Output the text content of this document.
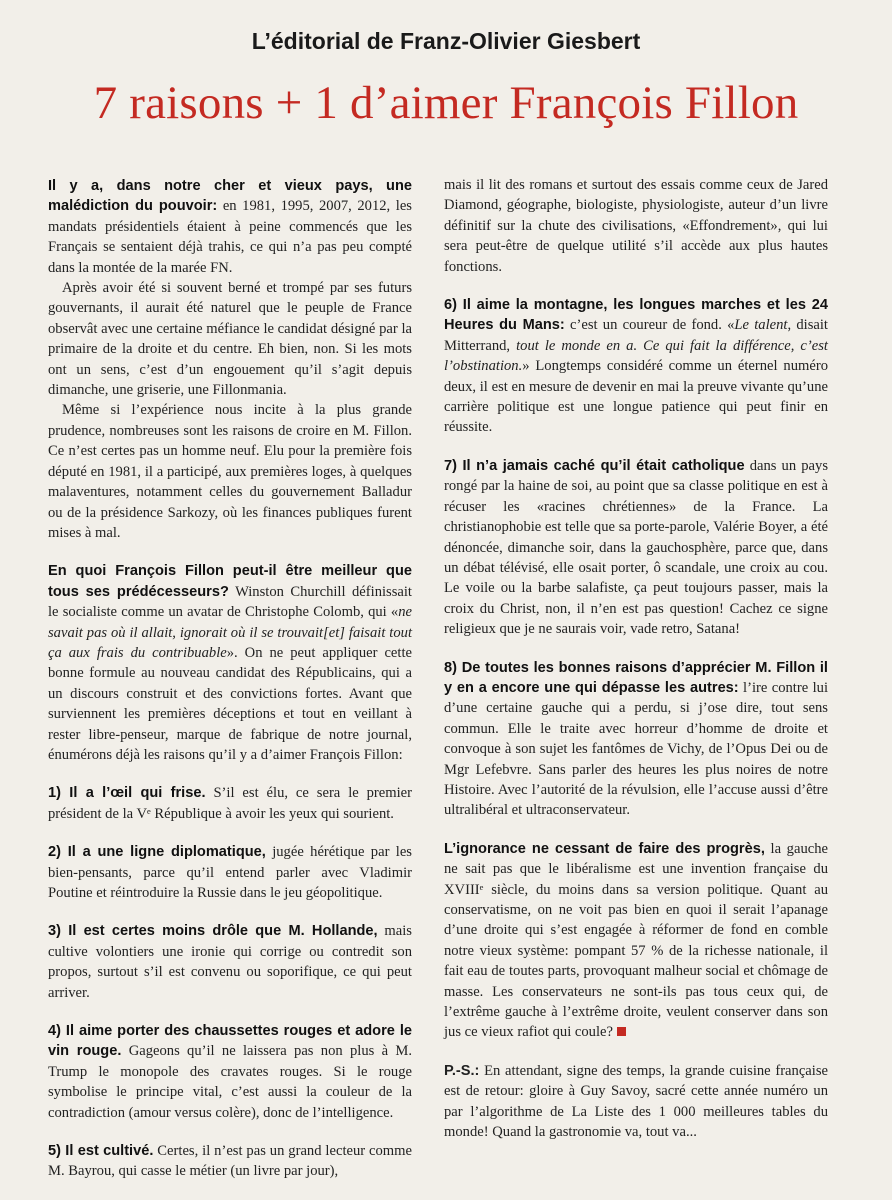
L’éditorial de Franz-Olivier Giesbert
7 raisons + 1 d’aimer François Fillon

Il y a, dans notre cher et vieux pays, une malédiction du pouvoir: en 1981, 1995, 2007, 2012, les mandats présidentiels étaient à peine commencés que les Français se sentaient déjà trahis, ce qui n’a pas peu compté dans la montée de la marée FN.

Après avoir été si souvent berné et trompé par ses futurs gouvernants, il aurait été naturel que le peuple de France observât avec une certaine méfiance le candidat désigné par la primaire de la droite et du centre. Eh bien, non. Si les mots ont un sens, c’est d’un engouement qu’il s’agit depuis dimanche, une griserie, une Fillonmania.

Même si l’expérience nous incite à la plus grande prudence, nombreuses sont les raisons de croire en M. Fillon. Ce n’est certes pas un homme neuf. Elu pour la première fois député en 1981, il a participé, aux premières loges, à quelques malaventures, notamment celles du gouvernement Balladur ou de la présidence Sarkozy, où les finances publiques furent mises à mal.

En quoi François Fillon peut-il être meilleur que tous ses prédécesseurs? Winston Churchill définissait le socialiste comme un avatar de Christophe Colomb, qui «ne savait pas où il allait, ignorait où il se trouvait[et] faisait tout ça aux frais du contribuable». On ne peut appliquer cette bonne formule au nouveau candidat des Républicains, qui a un discours construit et des convictions fortes. Avant que surviennent les premières déceptions et tout en veillant à rester libre-penseur, marque de fabrique de notre journal, énumérons déjà les raisons qu’il y a d’aimer François Fillon:

1) Il a l’œil qui frise. S’il est élu, ce sera le premier président de la Vᵉ République à avoir les yeux qui sourient.

2) Il a une ligne diplomatique, jugée hérétique par les bien-pensants, parce qu’il entend parler avec Vladimir Poutine et réintroduire la Russie dans le jeu géopolitique.

3) Il est certes moins drôle que M. Hollande, mais cultive volontiers une ironie qui corrige ou contredit son propos, surtout s’il est convenu ou soporifique, ce qui peut arriver.

4) Il aime porter des chaussettes rouges et adore le vin rouge. Gageons qu’il ne laissera pas non plus à M. Trump le monopole des cravates rouges. Si le rouge symbolise le principe vital, c’est aussi la couleur de la contradiction (amour versus colère), donc de l’intelligence.

5) Il est cultivé. Certes, il n’est pas un grand lecteur comme M. Bayrou, qui casse le métier (un livre par jour),

mais il lit des romans et surtout des essais comme ceux de Jared Diamond, géographe, biologiste, physiologiste, auteur d’un livre définitif sur la chute des civilisations, «Effondrement», qui lui sera peut-être de quelque utilité s’il accède aux plus hautes fonctions.

6) Il aime la montagne, les longues marches et les 24 Heures du Mans: c’est un coureur de fond. «Le talent, disait Mitterrand, tout le monde en a. Ce qui fait la différence, c’est l’obstination.» Longtemps considéré comme un éternel numéro deux, il est en mesure de devenir en mai la preuve vivante qu’une carrière politique est une longue patience qui peut finir en réussite.

7) Il n’a jamais caché qu’il était catholique dans un pays rongé par la haine de soi, au point que sa classe politique en est à récuser les «racines chrétiennes» de la France. La christianophobie est telle que sa porte-parole, Valérie Boyer, a été dénoncée, dimanche soir, dans la gauchosphère, parce que, dans un débat télévisé, elle osait porter, ô scandale, une croix au cou. Le voile ou la barbe salafiste, ça peut toujours passer, mais la croix du Christ, non, il n’en est pas question! Cachez ce signe religieux que je ne saurais voir, vade retro, Satana!

8) De toutes les bonnes raisons d’apprécier M. Fillon il y en a encore une qui dépasse les autres: l’ire contre lui d’une certaine gauche qui a perdu, si j’ose dire, tout sens commun. Elle le traite avec horreur d’homme de droite et convoque à son sujet les fantômes de Vichy, de l’Opus Dei ou de Mgr Lefebvre. Sans parler des heures les plus noires de notre Histoire. Avec l’autorité de la révulsion, elle l’accuse aussi d’être ultralibéral et ultraconservateur.

L’ignorance ne cessant de faire des progrès, la gauche ne sait pas que le libéralisme est une invention française du XVIIIᵉ siècle, du moins dans sa version politique. Quant au conservatisme, on ne voit pas bien en quoi il serait l’apanage d’une droite qui s’est engagée à réformer de fond en comble notre vieux système: pompant 57 % de la richesse nationale, il fait eau de toutes parts, provoquant malheur social et chômage de masse. Les conservateurs ne sont-ils pas tous ceux qui, de l’extrême gauche à l’extrême droite, veulent conserver dans son jus ce vieux rafiot qui coule?

P.-S.: En attendant, signe des temps, la grande cuisine française est de retour: gloire à Guy Savoy, sacré cette année numéro un par l’algorithme de La Liste des 1 000 meilleures tables du monde! Quand la gastronomie va, tout va...
